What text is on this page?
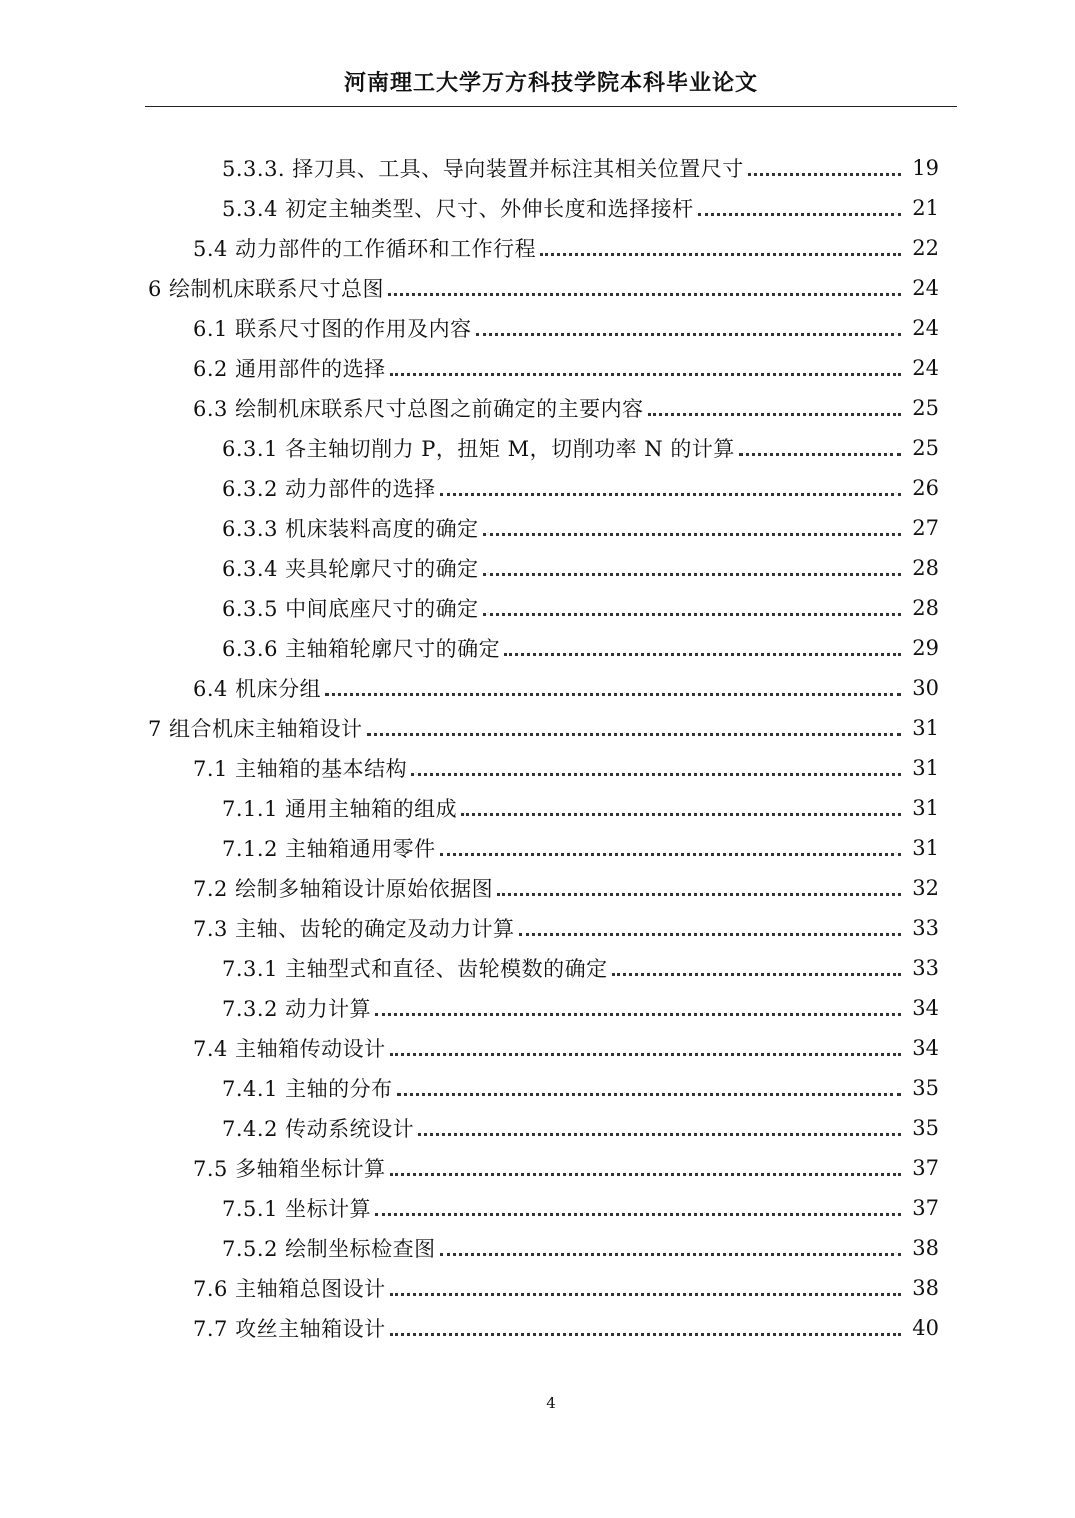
河南理工大学万方科技学院本科毕业论文
5.3.3. 择刀具、工具、导向装置并标注其相关位置尺寸	19
5.3.4 初定主轴类型、尺寸、外伸长度和选择接杆	21
5.4 动力部件的工作循环和工作行程	22
6 绘制机床联系尺寸总图	24
6.1 联系尺寸图的作用及内容	24
6.2 通用部件的选择	24
6.3 绘制机床联系尺寸总图之前确定的主要内容	25
6.3.1 各主轴切削力 P，扭矩 M，切削功率 N 的计算	25
6.3.2 动力部件的选择	26
6.3.3 机床装料高度的确定	27
6.3.4 夹具轮廓尺寸的确定	28
6.3.5 中间底座尺寸的确定	28
6.3.6 主轴箱轮廓尺寸的确定	29
6.4 机床分组	30
7 组合机床主轴箱设计	31
7.1 主轴箱的基本结构	31
7.1.1 通用主轴箱的组成	31
7.1.2 主轴箱通用零件	31
7.2 绘制多轴箱设计原始依据图	32
7.3 主轴、齿轮的确定及动力计算	33
7.3.1 主轴型式和直径、齿轮模数的确定	33
7.3.2 动力计算	34
7.4 主轴箱传动设计	34
7.4.1 主轴的分布	35
7.4.2 传动系统设计	35
7.5 多轴箱坐标计算	37
7.5.1 坐标计算	37
7.5.2 绘制坐标检查图	38
7.6 主轴箱总图设计	38
7.7 攻丝主轴箱设计	40
4
